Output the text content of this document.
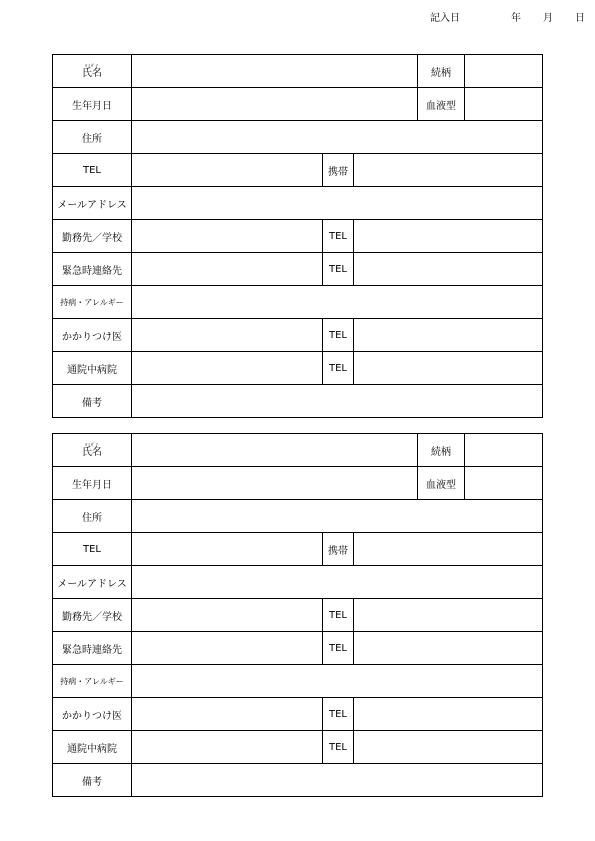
記入日	年 月 日
ﾖﾐｶﾞﾅ
氏名	続柄
生年月日	血液型
住所
TEL	携帯
メールアドレス
勤務先／学校	TEL
緊急時連絡先	TEL
持病・アレルギー
かかりつけ医	TEL
通院中病院	TEL
備考
ﾖﾐｶﾞﾅ
氏名	続柄
生年月日	血液型
住所
TEL	携帯
メールアドレス
勤務先／学校	TEL
緊急時連絡先	TEL
持病・アレルギー
かかりつけ医	TEL
通院中病院	TEL
備考
